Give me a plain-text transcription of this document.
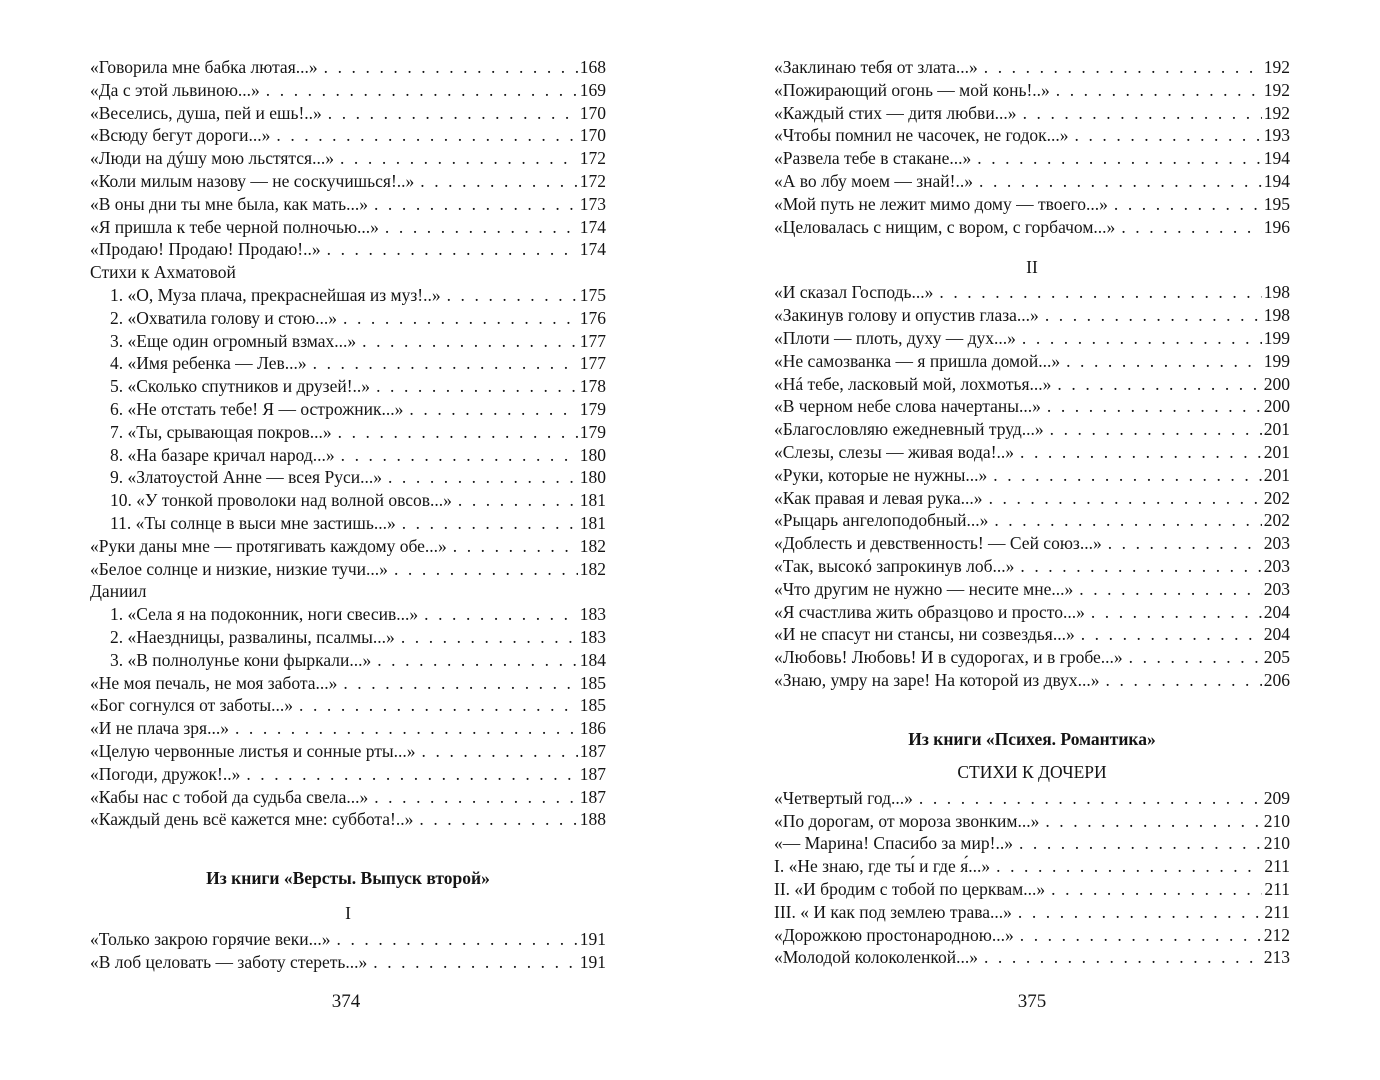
«Говорила мне бабка лютая...» . . .	168
«Да с этой львиною...» . . .	169
«Веселись, душа, пей и ешь!..» . . .	170
«Всюду бегут дороги...» . . .	170
«Люди на дýшу мою льстятся...» . . .	172
«Коли милым назову — не соскучишься!..» . . .	172
«В оны дни ты мне была, как мать...» . . .	173
«Я пришла к тебе черной полночью...» . . .	174
«Продаю! Продаю! Продаю!..» . . .	174
Стихи к Ахматовой
1. «О, Муза плача, прекраснейшая из муз!..» . . .	175
2. «Охватила голову и стою...» . . .	176
3. «Еще один огромный взмах...» . . .	177
4. «Имя ребенка — Лев...» . . .	177
5. «Сколько спутников и друзей!..» . . .	178
6. «Не отстать тебе! Я — острожник...» . . .	179
7. «Ты, срывающая покров...» . . .	179
8. «На базаре кричал народ...» . . .	180
9. «Златоустой Анне — всея Руси...» . . .	180
10. «У тонкой проволоки над волной овсов...» . . .	181
11. «Ты солнце в выси мне застишь...» . . .	181
«Руки даны мне — протягивать каждому обе...» . . .	182
«Белое солнце и низкие, низкие тучи...» . . .	182
Даниил
1. «Села я на подоконник, ноги свесив...» . . .	183
2. «Наездницы, развалины, псалмы...» . . .	183
3. «В полнолунье кони фыркали...» . . .	184
«Не моя печаль, не моя забота...» . . .	185
«Бог согнулся от заботы...» . . .	185
«И не плача зря...» . . .	186
«Целую червонные листья и сонные рты...» . . .	187
«Погоди, дружок!..» . . .	187
«Кабы нас с тобой да судьба свела...» . . .	187
«Каждый день всё кажется мне: суббота!..» . . .	188
Из книги «Версты. Выпуск второй»
I
«Только закрою горячие веки...» . . .	191
«В лоб целовать — заботу стереть...» . . .	191
«Заклинаю тебя от злата...» . . .	192
«Пожирающий огонь — мой конь!..» . . .	192
«Каждый стих — дитя любви...» . . .	192
«Чтобы помнил не часочек, не годок...» . . .	193
«Развела тебе в стакане...» . . .	194
«А во лбу моем — знай!..» . . .	194
«Мой путь не лежит мимо дому — твоего...» . . .	195
«Целовалась с нищим, с вором, с горбачом...» . . .	196
II
«И сказал Господь...» . . .	198
«Закинув голову и опустив глаза...» . . .	198
«Плоти — плоть, духу — дух...» . . .	199
«Не самозванка — я пришла домой...» . . .	199
«Нá тебе, ласковый мой, лохмотья...» . . .	200
«В черном небе слова начертаны...» . . .	200
«Благословляю ежедневный труд...» . . .	201
«Слезы, слезы — живая вода!..» . . .	201
«Руки, которые не нужны...» . . .	201
«Как правая и левая рука...» . . .	202
«Рыцарь ангелоподобный...» . . .	202
«Доблесть и девственность! — Сей союз...» . . .	203
«Так, высокó запрокинув лоб...» . . .	203
«Что другим не нужно — несите мне...» . . .	203
«Я счастлива жить образцово и просто...» . . .	204
«И не спасут ни стансы, ни созвездья...» . . .	204
«Любовь! Любовь! И в судорогах, и в гробе...» . . .	205
«Знаю, умру на заре! На которой из двух...» . . .	206
Из книги «Психея. Романтика»
СТИХИ К ДОЧЕРИ
«Четвертый год...» . . .	209
«По дорогам, от мороза звонким...» . . .	210
«— Марина! Спасибо за мир!..» . . .	210
I. «Не знаю, где ты́ и где я́...» . . .	211
II. «И бродим с тобой по церквам...» . . .	211
III. « И как под землею трава...» . . .	211
«Дорожкою простонародною...» . . .	212
«Молодой колоколенкой...» . . .	213
374	375
